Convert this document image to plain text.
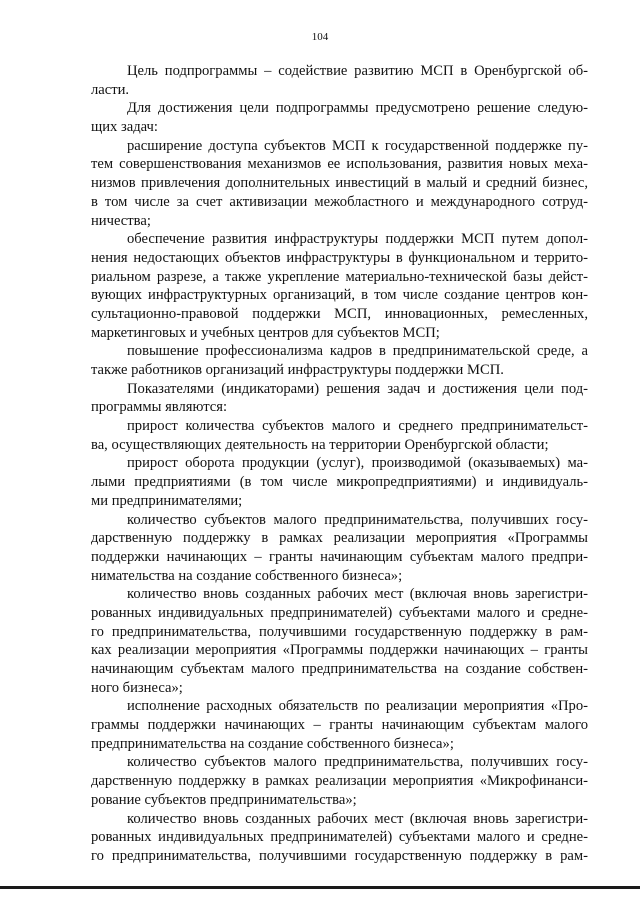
104
Цель подпрограммы – содействие развитию МСП в Оренбургской об-
ласти.
Для достижения цели подпрограммы предусмотрено решение следую-
щих задач:
расширение доступа субъектов МСП к государственной поддержке пу-
тем совершенствования механизмов ее использования, развития новых меха-
низмов привлечения дополнительных инвестиций в малый и средний бизнес,
в том числе за счет активизации межобластного и международного сотруд-
ничества;
обеспечение развития инфраструктуры поддержки МСП путем допол-
нения недостающих объектов инфраструктуры в функциональном и террито-
риальном разрезе, а также укрепление материально-технической базы дейст-
вующих инфраструктурных организаций, в том числе создание центров кон-
сультационно-правовой поддержки МСП, инновационных, ремесленных,
маркетинговых и учебных центров для субъектов МСП;
повышение профессионализма кадров в предпринимательской среде, а
также работников организаций инфраструктуры поддержки МСП.
Показателями (индикаторами) решения задач и достижения цели под-
программы являются:
прирост количества субъектов малого и среднего предпринимательст-
ва, осуществляющих деятельность на территории Оренбургской области;
прирост оборота продукции (услуг), производимой (оказываемых) ма-
лыми предприятиями (в том числе микропредприятиями) и индивидуаль-
ми предпринимателями;
количество субъектов малого предпринимательства, получивших госу-
дарственную поддержку в рамках реализации мероприятия «Программы
поддержки начинающих – гранты начинающим субъектам малого предпри-
нимательства на создание собственного бизнеса»;
количество вновь созданных рабочих мест (включая вновь зарегистри-
рованных индивидуальных предпринимателей) субъектами малого и средне-
го предпринимательства, получившими государственную поддержку в рам-
ках реализации мероприятия «Программы поддержки начинающих – гранты
начинающим субъектам малого предпринимательства на создание собствен-
ного бизнеса»;
исполнение расходных обязательств по реализации мероприятия «Про-
граммы поддержки начинающих – гранты начинающим субъектам малого
предпринимательства на создание собственного бизнеса»;
количество субъектов малого предпринимательства, получивших госу-
дарственную поддержку в рамках реализации мероприятия «Микрофинанси-
рование субъектов предпринимательства»;
количество вновь созданных рабочих мест (включая вновь зарегистри-
рованных индивидуальных предпринимателей) субъектами малого и средне-
го предпринимательства, получившими государственную поддержку в рам-
